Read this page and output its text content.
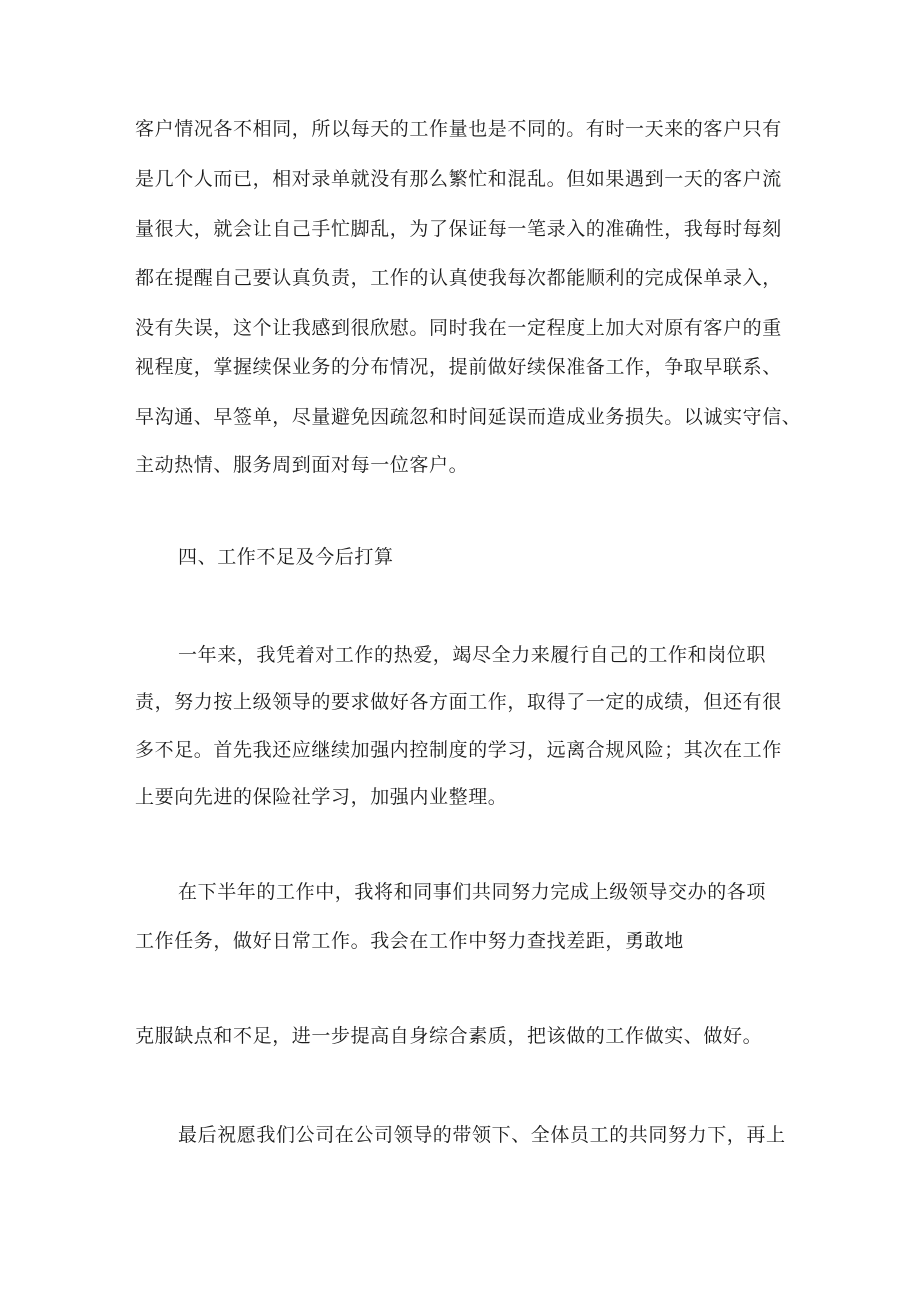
客户情况各不相同，所以每天的工作量也是不同的。有时一天来的客户只有
是几个人而已，相对录单就没有那么繁忙和混乱。但如果遇到一天的客户流
量很大，就会让自己手忙脚乱，为了保证每一笔录入的准确性，我每时每刻
都在提醒自己要认真负责，工作的认真使我每次都能顺利的完成保单录入，
没有失误，这个让我感到很欣慰。同时我在一定程度上加大对原有客户的重
视程度，掌握续保业务的分布情况，提前做好续保准备工作，争取早联系、
早沟通、早签单，尽量避免因疏忽和时间延误而造成业务损失。以诚实守信、
主动热情、服务周到面对每一位客户。
四、工作不足及今后打算
一年来，我凭着对工作的热爱，竭尽全力来履行自己的工作和岗位职
责，努力按上级领导的要求做好各方面工作，取得了一定的成绩，但还有很
多不足。首先我还应继续加强内控制度的学习，远离合规风险；其次在工作
上要向先进的保险社学习，加强内业整理。
在下半年的工作中，我将和同事们共同努力完成上级领导交办的各项
工作任务，做好日常工作。我会在工作中努力查找差距，勇敢地
克服缺点和不足，进一步提高自身综合素质，把该做的工作做实、做好。
最后祝愿我们公司在公司领导的带领下、全体员工的共同努力下，再上
